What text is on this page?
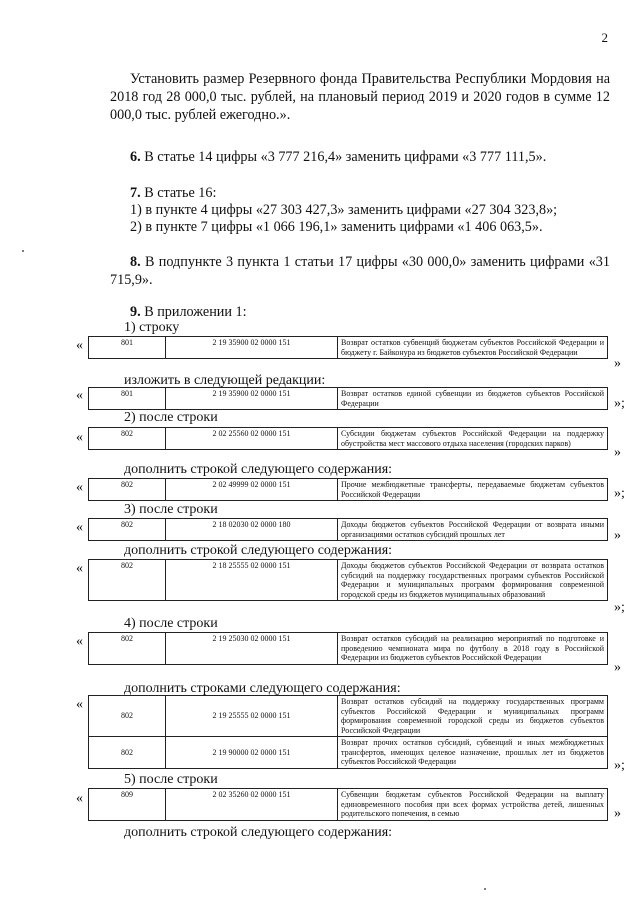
2
Установить размер Резервного фонда Правительства Республики Мордовия на 2018 год 28 000,0 тыс. рублей, на плановый период 2019 и 2020 годов в сумме 12 000,0 тыс. рублей ежегодно.».
6. В статье 14 цифры «3 777 216,4» заменить цифрами «3 777 111,5».
7. В статье 16:
1) в пункте 4 цифры «27 303 427,3» заменить цифрами «27 304 323,8»;
2) в пункте 7 цифры «1 066 196,1» заменить цифрами «1 406 063,5».
8. В подпункте 3 пункта 1 статьи 17 цифры «30 000,0» заменить цифрами «31 715,9».
9. В приложении 1:
1) строку
«	801	2 19 35900 02 0000 151	Возврат остатков субвенций бюджетам субъектов Российской Федерации и бюджету г. Байконура из бюджетов субъектов Российской Федерации
»
изложить в следующей редакции:
«	801	2 19 35900 02 0000 151	Возврат остатков единой субвенции из бюджетов субъектов Российской Федерации	»;
2) после строки
«	802	2 02 25560 02 0000 151	Субсидии бюджетам субъектов Российской Федерации на поддержку обустройства мест массового отдыха населения (городских парков)
»
дополнить строкой следующего содержания:
«	802	2 02 49999 02 0000 151	Прочие межбюджетные трансферты, передаваемые бюджетам субъектов Российской Федерации	»;
3) после строки
«	802	2 18 02030 02 0000 180	Доходы бюджетов субъектов Российской Федерации от возврата иными организациями остатков субсидий прошлых лет	»
дополнить строкой следующего содержания:
«	802	2 18 25555 02 0000 151	Доходы бюджетов субъектов Российской Федерации от возврата остатков субсидий на поддержку государственных программ субъектов Российской Федерации и муниципальных программ формирования современной городской среды из бюджетов муниципальных образований
»;
4) после строки
«	802	2 19 25030 02 0000 151	Возврат остатков субсидий на реализацию мероприятий по подготовке и проведению чемпионата мира по футболу в 2018 году в Российской Федерации из бюджетов субъектов Российской Федерации
»
дополнить строками следующего содержания:
«
802	2 19 25555 02 0000 151	Возврат остатков субсидий на поддержку государственных программ субъектов Российской Федерации и муниципальных программ формирования современной городской среды из бюджетов субъектов Российской Федерации
802	2 19 90000 02 0000 151	Возврат прочих остатков субсидий, субвенций и иных межбюджетных трансфертов, имеющих целевое назначение, прошлых лет из бюджетов субъектов Российской Федерации	»;
5) после строки
«	809	2 02 35260 02 0000 151	Субвенции бюджетам субъектов Российской Федерации на выплату единовременного пособия при всех формах устройства детей, лишенных родительского попечения, в семью	»
дополнить строкой следующего содержания:
